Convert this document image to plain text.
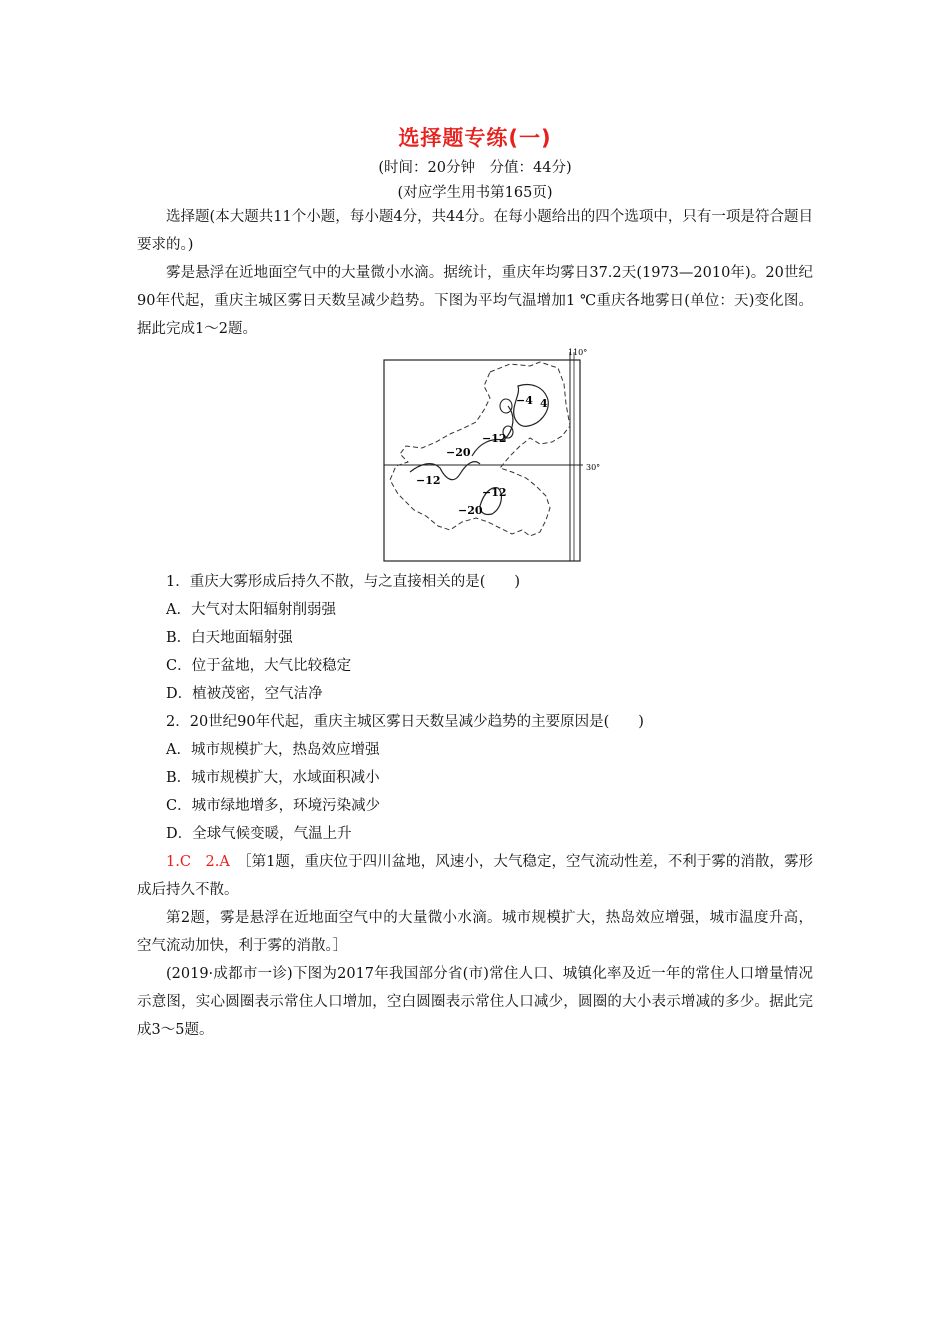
选择题专练(一)
(时间：20分钟　分值：44分)
(对应学生用书第165页)

选择题(本大题共11个小题，每小题4分，共44分。在每小题给出的四个选项中，只有一项是符合题目要求的。)

雾是悬浮在近地面空气中的大量微小水滴。据统计，重庆年均雾日37.2天(1973—2010年)。20世纪90年代起，重庆主城区雾日天数呈减少趋势。下图为平均气温增加1 ℃重庆各地雾日(单位：天)变化图。据此完成1～2题。

110°
30°
−4 4
−12
−20
−12
−12
−20

1．重庆大雾形成后持久不散，与之直接相关的是(　　)

A．大气对太阳辐射削弱强

B．白天地面辐射强

C．位于盆地，大气比较稳定

D．植被茂密，空气洁净

2．20世纪90年代起，重庆主城区雾日天数呈减少趋势的主要原因是(　　)

A．城市规模扩大，热岛效应增强

B．城市规模扩大，水域面积减小

C．城市绿地增多，环境污染减少

D．全球气候变暖，气温上升

1.C　2.A　 ［第1题，重庆位于四川盆地，风速小，大气稳定，空气流动性差，不利于雾的消散，雾形成后持久不散。

第2题，雾是悬浮在近地面空气中的大量微小水滴。城市规模扩大，热岛效应增强，城市温度升高，空气流动加快，利于雾的消散。］

(2019·成都市一诊)下图为2017年我国部分省(市)常住人口、城镇化率及近一年的常住人口增量情况示意图，实心圆圈表示常住人口增加，空白圆圈表示常住人口减少，圆圈的大小表示增减的多少。据此完成3～5题。
